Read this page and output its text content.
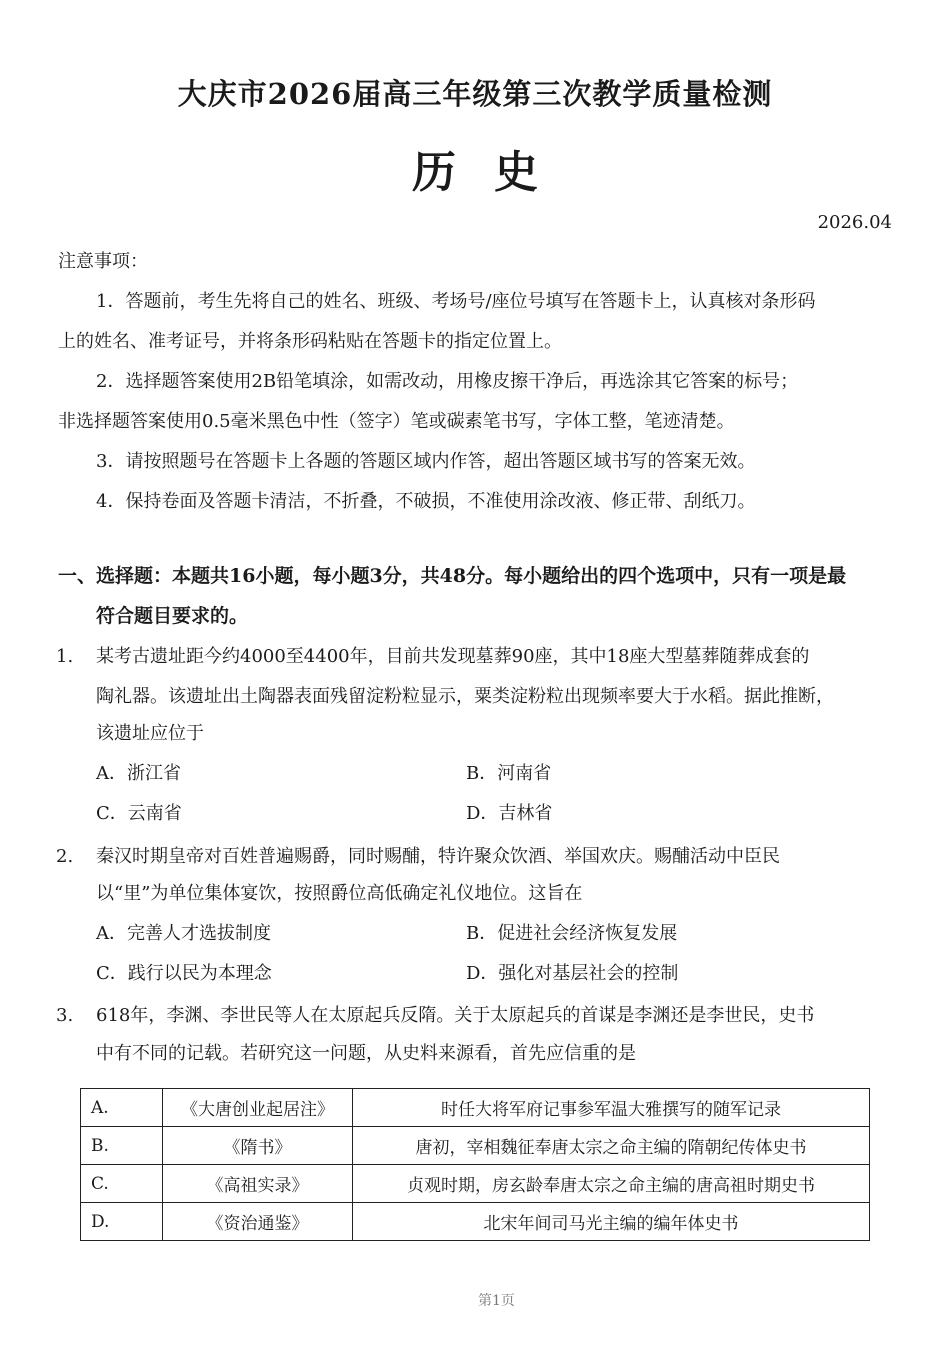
大庆市2026届高三年级第三次教学质量检测
历史
2026.04
注意事项：
1．答题前，考生先将自己的姓名、班级、考场号/座位号填写在答题卡上，认真核对条形码
上的姓名、准考证号，并将条形码粘贴在答题卡的指定位置上。
2．选择题答案使用2B铅笔填涂，如需改动，用橡皮擦干净后，再选涂其它答案的标号；
非选择题答案使用0.5毫米黑色中性（签字）笔或碳素笔书写，字体工整，笔迹清楚。
3．请按照题号在答题卡上各题的答题区域内作答，超出答题区域书写的答案无效。
4．保持卷面及答题卡清洁，不折叠，不破损，不准使用涂改液、修正带、刮纸刀。
一、选择题：本题共16小题，每小题3分，共48分。每小题给出的四个选项中，只有一项是最
符合题目要求的。
1. 某考古遗址距今约4000至4400年，目前共发现墓葬90座，其中18座大型墓葬随葬成套的
陶礼器。该遗址出土陶器表面残留淀粉粒显示，粟类淀粉粒出现频率要大于水稻。据此推断，
该遗址应位于
A．浙江省	B．河南省
C．云南省	D．吉林省
2. 秦汉时期皇帝对百姓普遍赐爵，同时赐酺，特许聚众饮酒、举国欢庆。赐酺活动中臣民
以“里”为单位集体宴饮，按照爵位高低确定礼仪地位。这旨在
A．完善人才选拔制度	B．促进社会经济恢复发展
C．践行以民为本理念	D．强化对基层社会的控制
3. 618年，李渊、李世民等人在太原起兵反隋。关于太原起兵的首谋是李渊还是李世民，史书
中有不同的记载。若研究这一问题，从史料来源看，首先应信重的是
A.	《大唐创业起居注》	时任大将军府记事参军温大雅撰写的随军记录
B.	《隋书》	唐初，宰相魏征奉唐太宗之命主编的隋朝纪传体史书
C.	《高祖实录》	贞观时期，房玄龄奉唐太宗之命主编的唐高祖时期史书
D.	《资治通鉴》	北宋年间司马光主编的编年体史书
第1页
